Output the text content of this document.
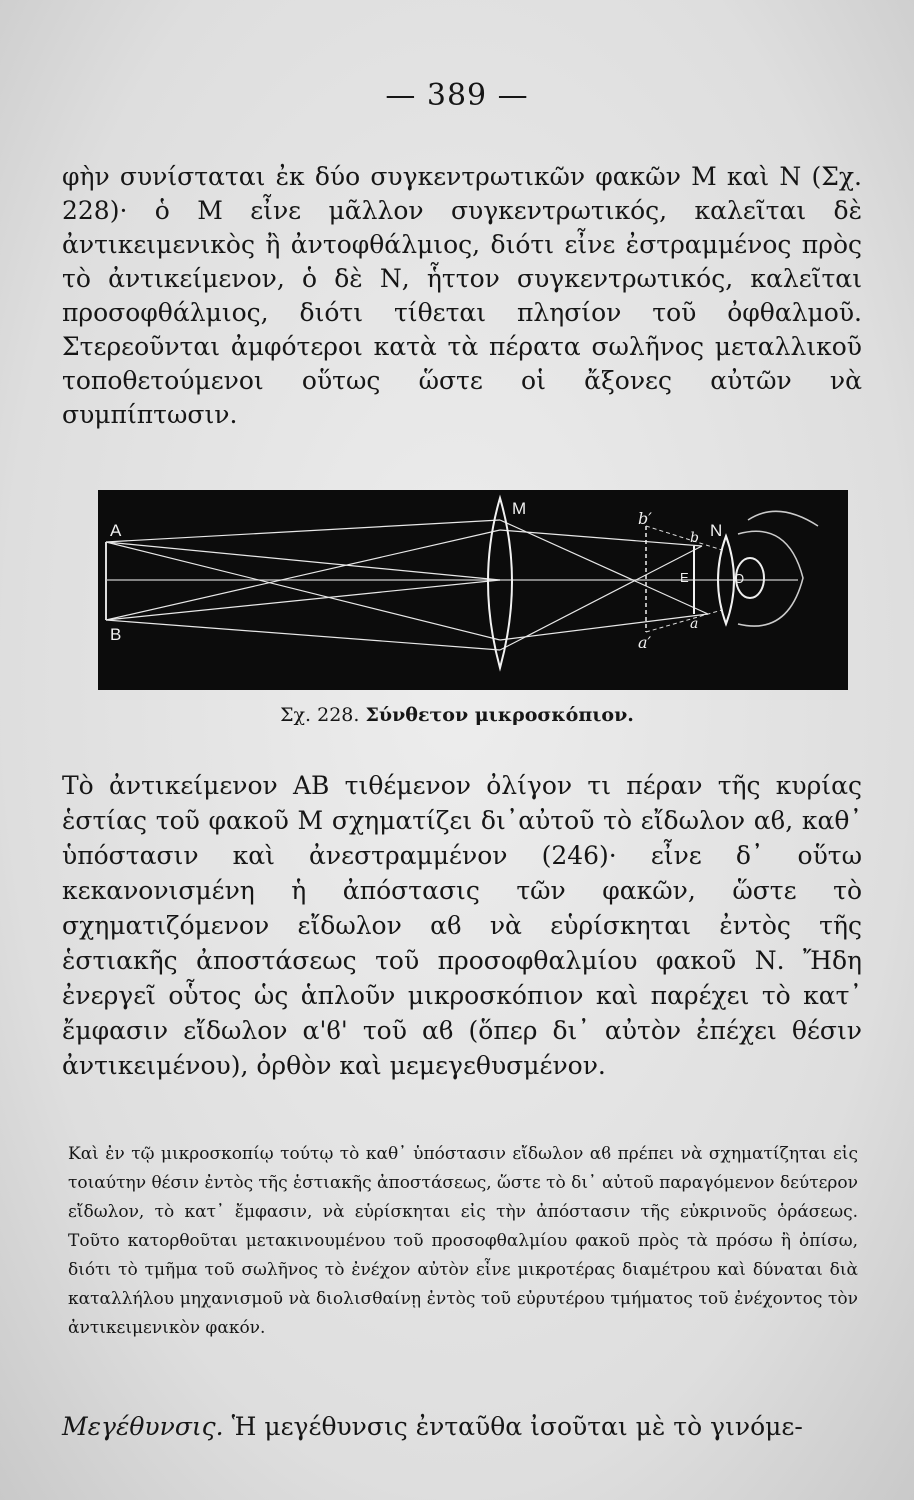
— 389 —
φὴν συνίσταται ἐκ δύο συγκεντρωτικῶν φακῶν Μ καὶ Ν (Σχ. 228)· ὁ Μ εἶνε μᾶλλον συγκεντρωτικός, καλεῖται δὲ ἀντικειμενικὸς ἢ ἀντοφθάλμιος, διότι εἶνε ἐστραμμένος πρὸς τὸ ἀντικείμενον, ὁ δὲ Ν, ἧττον συγκεντρωτικός, καλεῖται προσοφθάλμιος, διότι τίθεται πλησίον τοῦ ὀφθαλμοῦ. Στερεοῦνται ἀμφότεροι κατὰ τὰ πέρατα σωλῆνος μεταλλικοῦ τοποθετούμενοι οὕτως ὥστε οἱ ἄξονες αὐτῶν νὰ συμπίπτωσιν.
A
B
M
N
b′
a′
b
a
E	O
Σχ. 228. Σύνθετον μικροσκόπιον.
Τὸ ἀντικείμενον ΑΒ τιθέμενον ὀλίγον τι πέραν τῆς κυρίας ἑστίας τοῦ φακοῦ Μ σχηματίζει δι᾽αὐτοῦ τὸ εἴδωλον αϐ, καθ᾽ ὑπόστασιν καὶ ἀνεστραμμένον (246)· εἶνε δ᾽ οὕτω κεκανονισμένη ἡ ἀπόστασις τῶν φακῶν, ὥστε τὸ σχηματιζόμενον εἴδωλον αϐ νὰ εὑρίσκηται ἐντὸς τῆς ἑστιακῆς ἀποστάσεως τοῦ προσοφθαλμίου φακοῦ Ν. Ἤδη ἐνεργεῖ οὗτος ὡς ἁπλοῦν μικροσκόπιον καὶ παρέχει τὸ κατ᾽ ἔμφασιν εἴδωλον α'ϐ' τοῦ αϐ (ὅπερ δι᾽ αὐτὸν ἐπέχει θέσιν ἀντικειμένου), ὀρθὸν καὶ μεμεγεθυσμένον.
Καὶ ἐν τῷ μικροσκοπίῳ τούτῳ τὸ καθ᾽ ὑπόστασιν εἴδωλον αϐ πρέπει νὰ σχηματίζηται εἰς τοιαύτην θέσιν ἐντὸς τῆς ἑστιακῆς ἀποστάσεως, ὥστε τὸ δι᾽ αὐτοῦ παραγόμενον δεύτερον εἴδωλον, τὸ κατ᾽ ἔμφασιν, νὰ εὑρίσκηται εἰς τὴν ἀπόστασιν τῆς εὐκρινοῦς ὁράσεως. Τοῦτο κατορθοῦται μετακινουμένου τοῦ προσοφθαλμίου φακοῦ πρὸς τὰ πρόσω ἢ ὀπίσω, διότι τὸ τμῆμα τοῦ σωλῆνος τὸ ἐνέχον αὐτὸν εἶνε μικροτέρας διαμέτρου καὶ δύναται διὰ καταλλήλου μηχανισμοῦ νὰ διολισθαίνῃ ἐντὸς τοῦ εὐρυτέρου τμήματος τοῦ ἐνέχοντος τὸν ἀντικειμενικὸν φακόν.
Μεγέθυνσις. Ἡ μεγέθυνσις ἐνταῦθα ἰσοῦται μὲ τὸ γινόμε-
